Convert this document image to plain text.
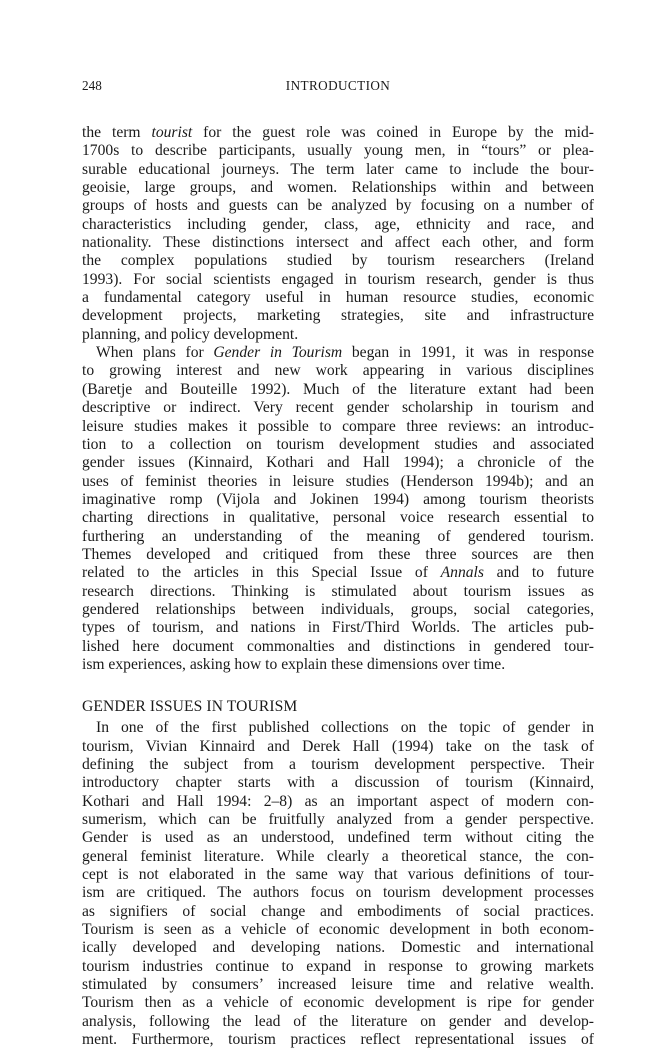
248	INTRODUCTION
the term tourist for the guest role was coined in Europe by the mid-
1700s to describe participants, usually young men, in “tours” or plea-
surable educational journeys. The term later came to include the bour-
geoisie, large groups, and women. Relationships within and between
groups of hosts and guests can be analyzed by focusing on a number of
characteristics including gender, class, age, ethnicity and race, and
nationality. These distinctions intersect and affect each other, and form
the complex populations studied by tourism researchers (Ireland
1993). For social scientists engaged in tourism research, gender is thus
a fundamental category useful in human resource studies, economic
development projects, marketing strategies, site and infrastructure
planning, and policy development.
When plans for Gender in Tourism began in 1991, it was in response
to growing interest and new work appearing in various disciplines
(Baretje and Bouteille 1992). Much of the literature extant had been
descriptive or indirect. Very recent gender scholarship in tourism and
leisure studies makes it possible to compare three reviews: an introduc-
tion to a collection on tourism development studies and associated
gender issues (Kinnaird, Kothari and Hall 1994); a chronicle of the
uses of feminist theories in leisure studies (Henderson 1994b); and an
imaginative romp (Vijola and Jokinen 1994) among tourism theorists
charting directions in qualitative, personal voice research essential to
furthering an understanding of the meaning of gendered tourism.
Themes developed and critiqued from these three sources are then
related to the articles in this Special Issue of Annals and to future
research directions. Thinking is stimulated about tourism issues as
gendered relationships between individuals, groups, social categories,
types of tourism, and nations in First/Third Worlds. The articles pub-
lished here document commonalties and distinctions in gendered tour-
ism experiences, asking how to explain these dimensions over time.
GENDER ISSUES IN TOURISM
In one of the first published collections on the topic of gender in
tourism, Vivian Kinnaird and Derek Hall (1994) take on the task of
defining the subject from a tourism development perspective. Their
introductory chapter starts with a discussion of tourism (Kinnaird,
Kothari and Hall 1994: 2–8) as an important aspect of modern con-
sumerism, which can be fruitfully analyzed from a gender perspective.
Gender is used as an understood, undefined term without citing the
general feminist literature. While clearly a theoretical stance, the con-
cept is not elaborated in the same way that various definitions of tour-
ism are critiqued. The authors focus on tourism development processes
as signifiers of social change and embodiments of social practices.
Tourism is seen as a vehicle of economic development in both econom-
ically developed and developing nations. Domestic and international
tourism industries continue to expand in response to growing markets
stimulated by consumers’ increased leisure time and relative wealth.
Tourism then as a vehicle of economic development is ripe for gender
analysis, following the lead of the literature on gender and develop-
ment. Furthermore, tourism practices reflect representational issues of
